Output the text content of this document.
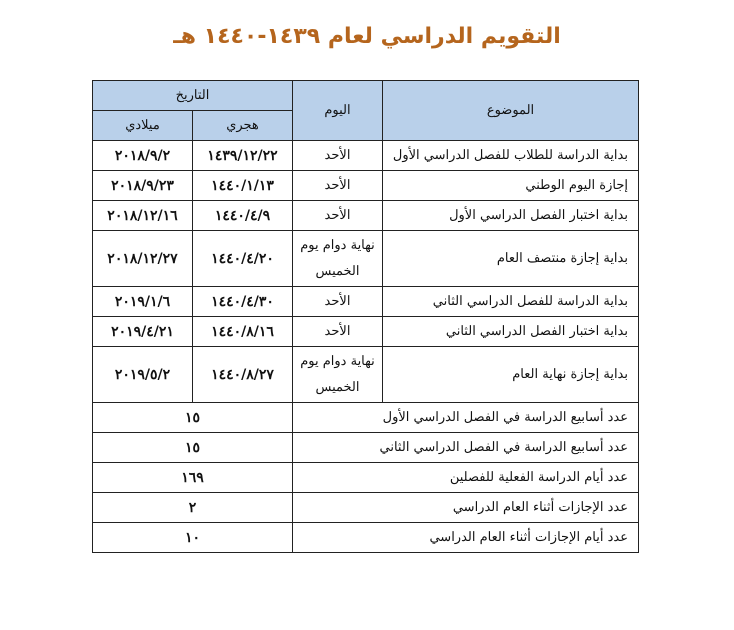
التقويم الدراسي لعام ١٤٣٩-١٤٤٠ هـ
الموضوع	اليوم	التاريخ	
		هجري	ميلادي
بداية الدراسة للطلاب للفصل الدراسي الأول	الأحد	١٤٣٩/١٢/٢٢	٢٠١٨/٩/٢
إجازة اليوم الوطني	الأحد	١٤٤٠/١/١٣	٢٠١٨/٩/٢٣
بداية اختبار الفصل الدراسي الأول	الأحد	١٤٤٠/٤/٩	٢٠١٨/١٢/١٦
بداية إجازة منتصف العام	نهاية دوام يوم الخميس	١٤٤٠/٤/٢٠	٢٠١٨/١٢/٢٧
بداية الدراسة للفصل الدراسي الثاني	الأحد	١٤٤٠/٤/٣٠	٢٠١٩/١/٦
بداية اختبار الفصل الدراسي الثاني	الأحد	١٤٤٠/٨/١٦	٢٠١٩/٤/٢١
بداية إجازة نهاية العام	نهاية دوام يوم الخميس	١٤٤٠/٨/٢٧	٢٠١٩/٥/٢
عدد أسابيع الدراسة في الفصل الدراسي الأول		١٥	
عدد أسابيع الدراسة في الفصل الدراسي الثاني		١٥	
عدد أيام الدراسة الفعلية للفصلين		١٦٩	
عدد الإجازات أثناء العام الدراسي		٢	
عدد أيام الإجازات أثناء العام الدراسي		١٠	
